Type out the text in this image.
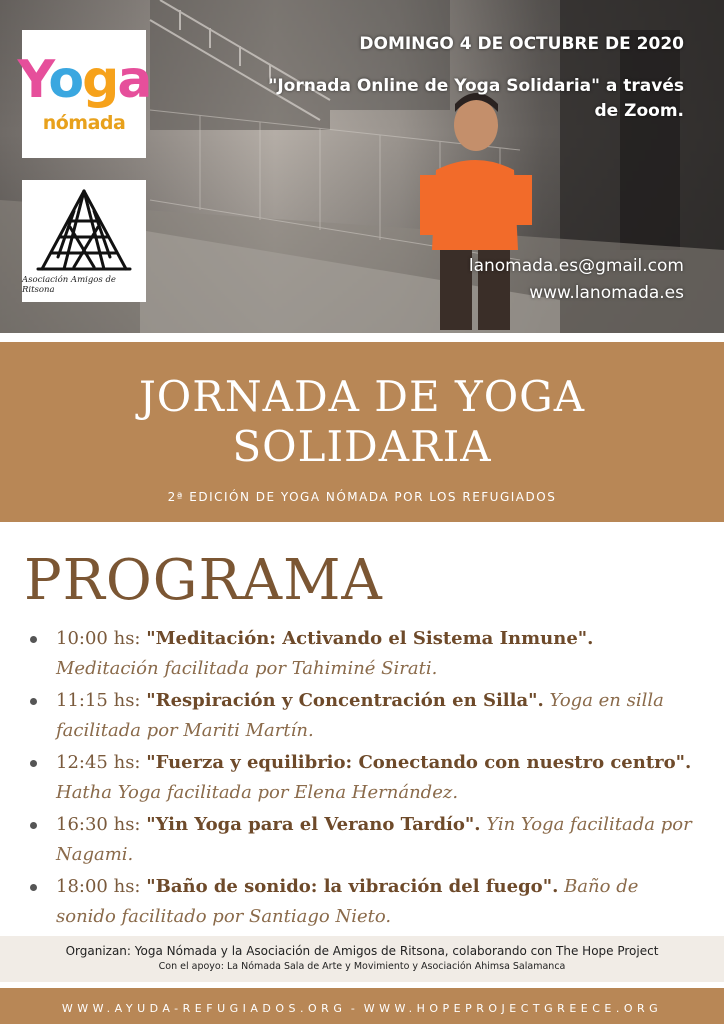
Yoga
nómada
Asociación Amigos de Ritsona
DOMINGO 4 DE OCTUBRE DE 2020
"Jornada Online de Yoga Solidaria" a través de Zoom.
lanomada.es@gmail.com
www.lanomada.es
JORNADA DE YOGA
SOLIDARIA
2ª EDICIÓN DE YOGA NÓMADA POR LOS REFUGIADOS
PROGRAMA
10:00 hs: "Meditación: Activando el Sistema Inmune". Meditación facilitada por Tahiminé Sirati.
11:15 hs: "Respiración y Concentración en Silla". Yoga en silla facilitada por Mariti Martín.
12:45 hs: "Fuerza y equilibrio: Conectando con nuestro centro". Hatha Yoga facilitada por Elena Hernández.
16:30 hs: "Yin Yoga para el Verano Tardío". Yin Yoga facilitada por Nagami.
18:00 hs: "Baño de sonido: la vibración del fuego". Baño de sonido facilitado por Santiago Nieto.
Organizan: Yoga Nómada y la Asociación de Amigos de Ritsona, colaborando con The Hope Project
Con el apoyo: La Nómada Sala de Arte y Movimiento y Asociación Ahimsa Salamanca
WWW.AYUDA-REFUGIADOS.ORG - WWW.HOPEPROJECTGREECE.ORG
